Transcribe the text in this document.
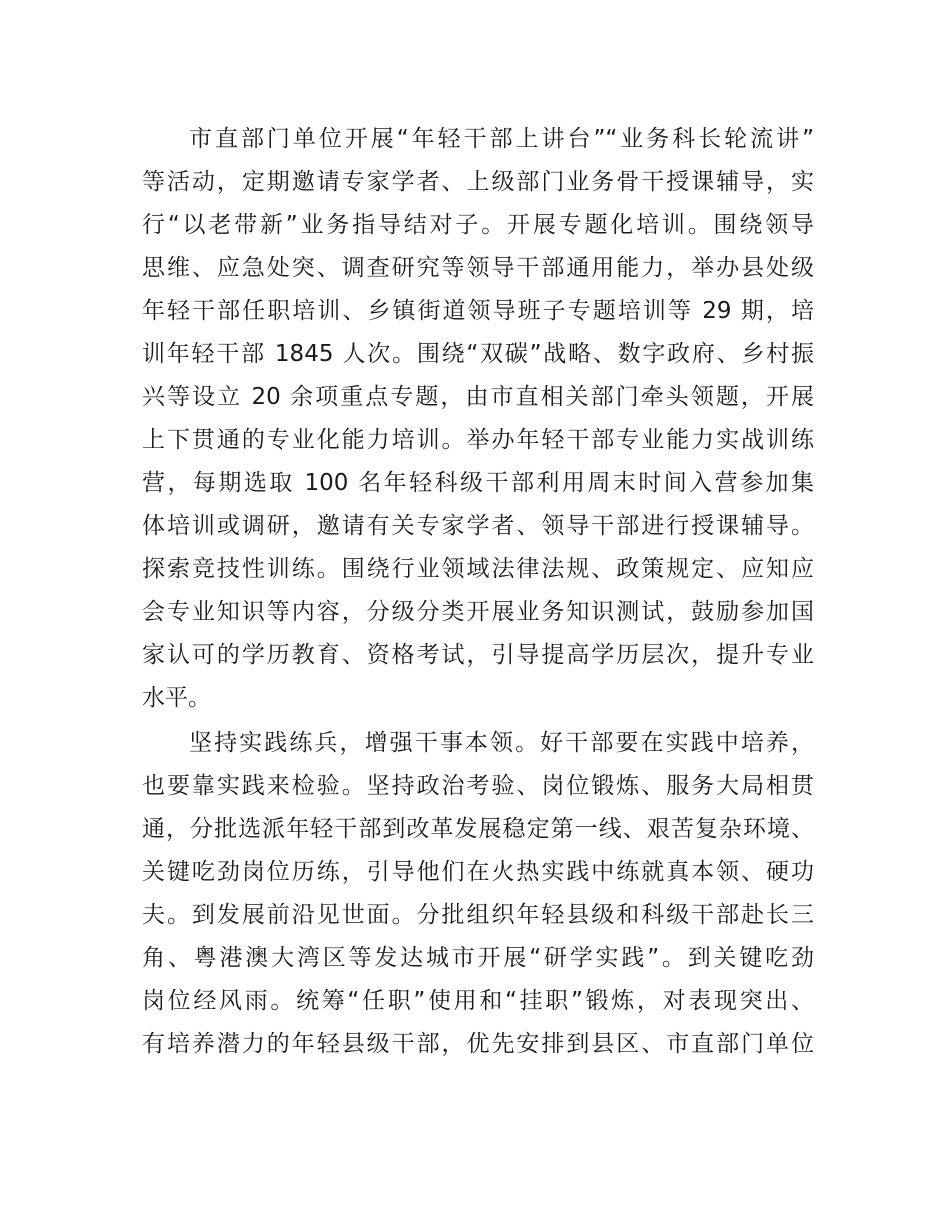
市直部门单位开展“年轻干部上讲台”“业务科长轮流讲”
等活动，定期邀请专家学者、上级部门业务骨干授课辅导，实
行“以老带新”业务指导结对子。开展专题化培训。围绕领导
思维、应急处突、调查研究等领导干部通用能力，举办县处级
年轻干部任职培训、乡镇街道领导班子专题培训等 29 期，培
训年轻干部 1845 人次。围绕“双碳”战略、数字政府、乡村振
兴等设立 20 余项重点专题，由市直相关部门牵头领题，开展
上下贯通的专业化能力培训。举办年轻干部专业能力实战训练
营，每期选取 100 名年轻科级干部利用周末时间入营参加集
体培训或调研，邀请有关专家学者、领导干部进行授课辅导。
探索竞技性训练。围绕行业领域法律法规、政策规定、应知应
会专业知识等内容，分级分类开展业务知识测试，鼓励参加国
家认可的学历教育、资格考试，引导提高学历层次，提升专业
水平。
坚持实践练兵，增强干事本领。好干部要在实践中培养，
也要靠实践来检验。坚持政治考验、岗位锻炼、服务大局相贯
通，分批选派年轻干部到改革发展稳定第一线、艰苦复杂环境、
关键吃劲岗位历练，引导他们在火热实践中练就真本领、硬功
夫。到发展前沿见世面。分批组织年轻县级和科级干部赴长三
角、粤港澳大湾区等发达城市开展“研学实践”。到关键吃劲
岗位经风雨。统筹“任职”使用和“挂职”锻炼，对表现突出、
有培养潜力的年轻县级干部，优先安排到县区、市直部门单位
